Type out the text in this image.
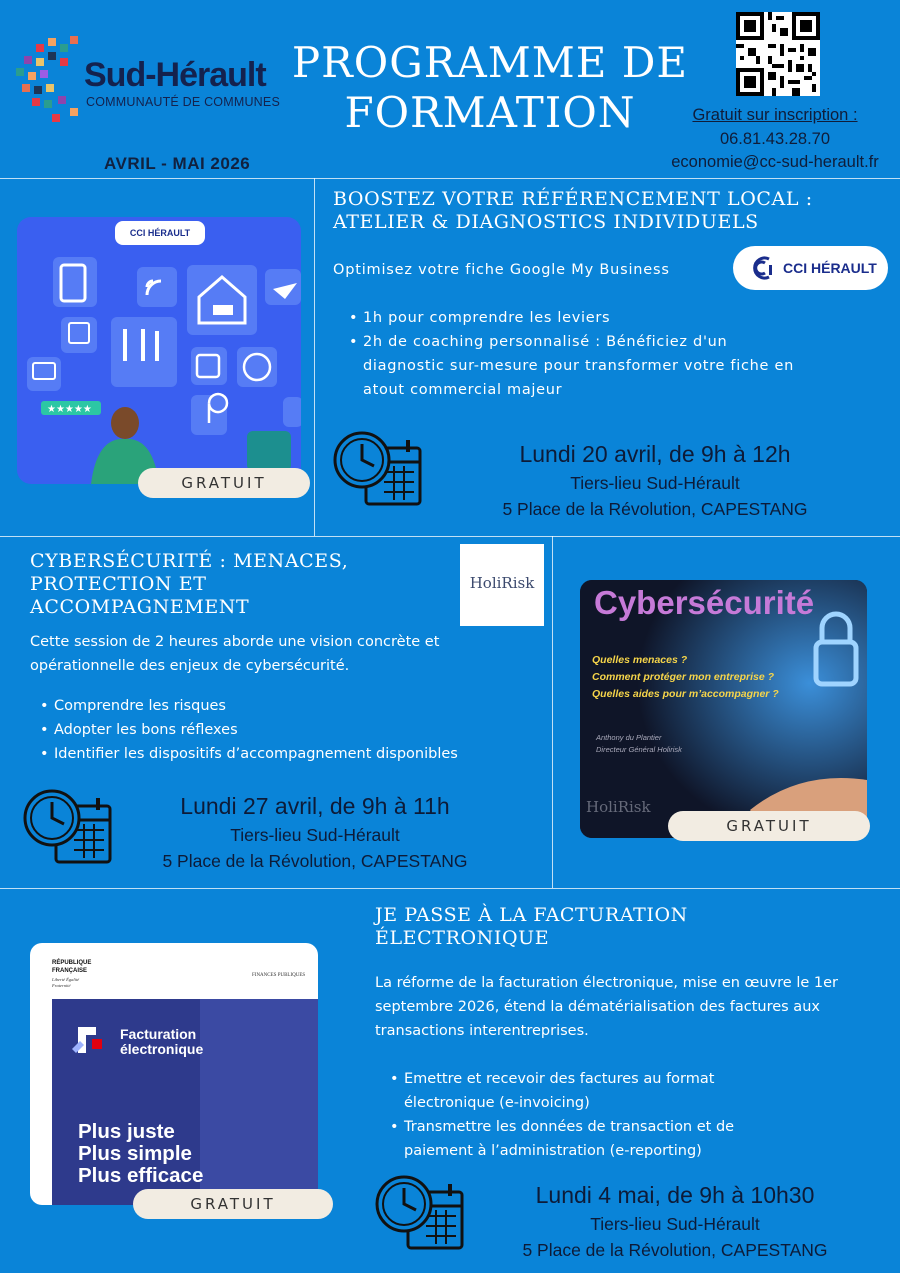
Sud-Hérault
COMMUNAUTÉ DE COMMUNES
AVRIL - MAI 2026
PROGRAMME DE
FORMATION	Gratuit sur inscription :
06.81.43.28.70
economie@cc-sud-herault.fr
CCI HÉRAULT
★★★★★
GRATUIT
BOOSTEZ VOTRE RÉFÉRENCEMENT LOCAL :
ATELIER & DIAGNOSTICS INDIVIDUELS
Optimisez votre fiche Google My Business	CCI HÉRAULT
• 1h pour comprendre les leviers
• 2h de coaching personnalisé : Bénéficiez d'un diagnostic sur-mesure pour transformer votre fiche en atout commercial majeur
Lundi 20 avril, de 9h à 12h
Tiers-lieu Sud-Hérault
5 Place de la Révolution, CAPESTANG
CYBERSÉCURITÉ : MENACES,
PROTECTION ET
ACCOMPAGNEMENT
HoliRisk
Cette session de 2 heures aborde une vision concrète et opérationnelle des enjeux de cybersécurité.
• Comprendre les risques
• Adopter les bons réflexes
• Identifier les dispositifs d’accompagnement disponibles
Lundi 27 avril, de 9h à 11h
Tiers-lieu Sud-Hérault
5 Place de la Révolution, CAPESTANG
Cybersécurité
Quelles menaces ?
Comment protéger mon entreprise ?
Quelles aides pour m’accompagner ?
Anthony du Plantier
Directeur Général Holirisk
HoliRisk
GRATUIT
RÉPUBLIQUE FRANÇAISE
Liberté Égalité Fraternité
FINANCES PUBLIQUES
Facturation
électronique
Plus juste
Plus simple
Plus efficace
GRATUIT
JE PASSE À LA FACTURATION
ÉLECTRONIQUE
La réforme de la facturation électronique, mise en œuvre le 1er septembre 2026, étend la dématérialisation des factures aux transactions interentreprises.
• Emettre et recevoir des factures au format électronique (e-invoicing)
• Transmettre les données de transaction et de paiement à l’administration (e-reporting)
Lundi 4 mai, de 9h à 10h30
Tiers-lieu Sud-Hérault
5 Place de la Révolution, CAPESTANG
